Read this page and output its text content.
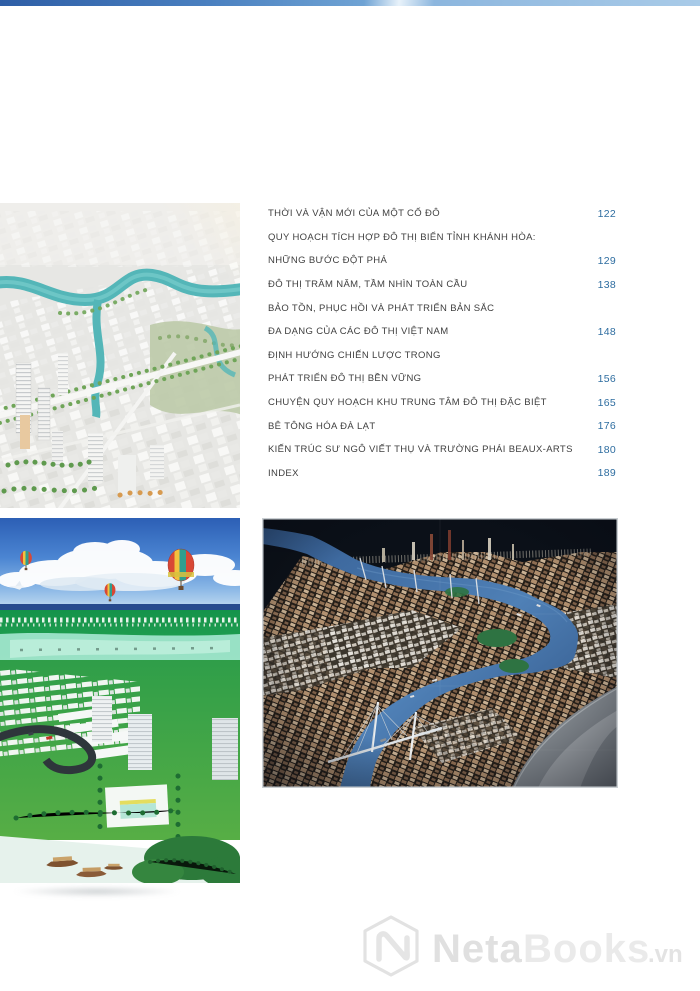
THỜI VÀ VẬN MỚI CỦA MỘT CỐ ĐÔ	122
QUY HOẠCH TÍCH HỢP ĐÔ THỊ BIỂN TỈNH KHÁNH HÒA:
NHỮNG BƯỚC ĐỘT PHÁ	129
ĐÔ THỊ TRĂM NĂM, TẦM NHÌN TOÀN CẦU	138
BẢO TỒN, PHỤC HỒI VÀ PHÁT TRIỂN BẢN SẮC
ĐA DẠNG CỦA CÁC ĐÔ THỊ VIỆT NAM	148
ĐỊNH HƯỚNG CHIẾN LƯỢC TRONG
PHÁT TRIỂN ĐÔ THỊ BỀN VỮNG	156
CHUYỆN QUY HOẠCH KHU TRUNG TÂM ĐÔ THỊ ĐẶC BIỆT	165
BÊ TÔNG HÓA ĐÀ LẠT	176
KIẾN TRÚC SƯ NGÔ VIẾT THỤ VÀ TRƯỜNG PHÁI BEAUX-ARTS	180
INDEX	189
Neta Books
.vn
